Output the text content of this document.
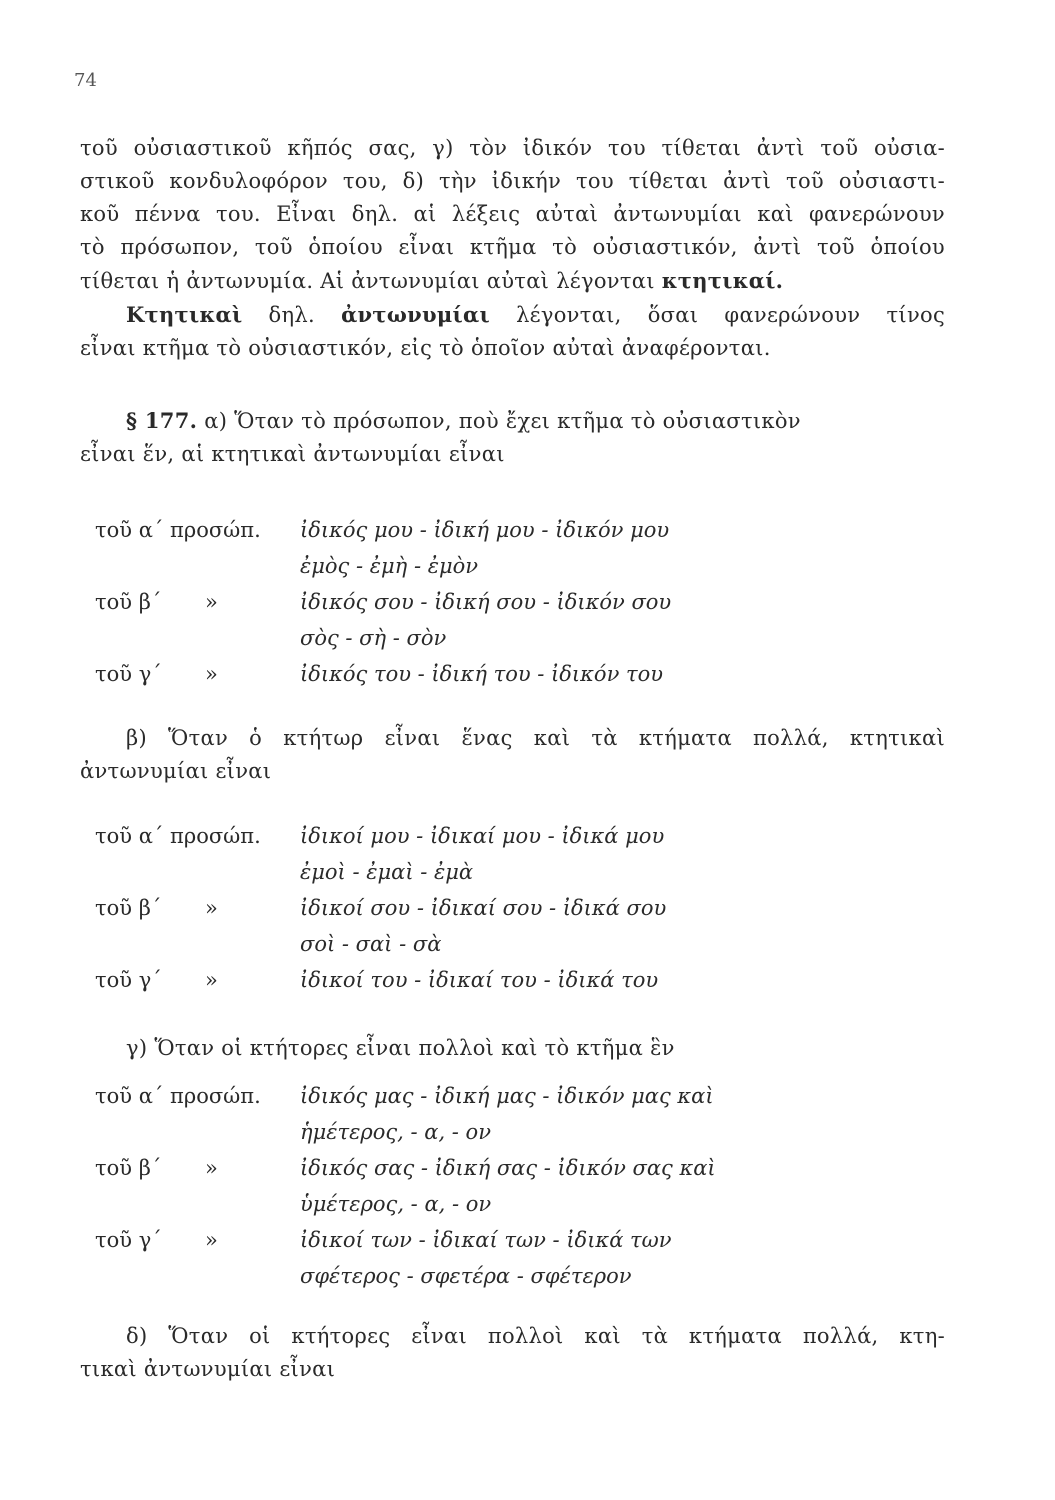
74
τοῦ οὐσιαστικοῦ κῆπός σας, γ) τὸν ἰδικόν του τίθεται ἀντὶ τοῦ οὐσια-
στικοῦ κονδυλοφόρον του, δ) τὴν ἰδικήν του τίθεται ἀντὶ τοῦ οὐσιαστι-
κοῦ πέννα του. Εἶναι δηλ. αἱ λέξεις αὐταὶ ἀντωνυμίαι καὶ φανερώνουν
τὸ πρόσωπον, τοῦ ὁποίου εἶναι κτῆμα τὸ οὐσιαστικόν, ἀντὶ τοῦ ὁποίου
τίθεται ἡ ἀντωνυμία. Αἱ ἀντωνυμίαι αὐταὶ λέγονται κτητικαί.
Κτητικαὶ δηλ. ἀντωνυμίαι λέγονται, ὅσαι φανερώνουν τίνος
εἶναι κτῆμα τὸ οὐσιαστικόν, εἰς τὸ ὁποῖον αὐταὶ ἀναφέρονται.
§ 177. α) Ὅταν τὸ πρόσωπον, ποὺ ἔχει κτῆμα τὸ οὐσιαστικὸν
εἶναι ἕν, αἱ κτητικαὶ ἀντωνυμίαι εἶναι
τοῦ α΄ προσώπ. ἰδικός μου - ἰδική μου - ἰδικόν μου
ἐμὸς - ἐμὴ - ἐμὸν
τοῦ β΄	»	ἰδικός σου - ἰδική σου - ἰδικόν σου
σὸς - σὴ - σὸν
τοῦ γ΄	»	ἰδικός του - ἰδική του - ἰδικόν του
β) Ὅταν ὁ κτήτωρ εἶναι ἕνας καὶ τὰ κτήματα πολλά, κτητικαὶ
ἀντωνυμίαι εἶναι
τοῦ α΄ προσώπ. ἰδικοί μου - ἰδικαί μου - ἰδικά μου
ἐμοὶ - ἐμαὶ - ἐμὰ
τοῦ β΄	»	ἰδικοί σου - ἰδικαί σου - ἰδικά σου
σοὶ - σαὶ - σὰ
τοῦ γ΄	»	ἰδικοί του - ἰδικαί του - ἰδικά του
γ) Ὅταν οἱ κτήτορες εἶναι πολλοὶ καὶ τὸ κτῆμα ἓν
τοῦ α΄ προσώπ. ἰδικός μας - ἰδική μας - ἰδικόν μας καὶ
ἡμέτερος, - α, - ον
τοῦ β΄	»	ἰδικός σας - ἰδική σας - ἰδικόν σας καὶ
ὑμέτερος, - α, - ον
τοῦ γ΄	»	ἰδικοί των - ἰδικαί των - ἰδικά των
σφέτερος - σφετέρα - σφέτερον
δ) Ὅταν οἱ κτήτορες εἶναι πολλοὶ καὶ τὰ κτήματα πολλά, κτη-
τικαὶ ἀντωνυμίαι εἶναι
